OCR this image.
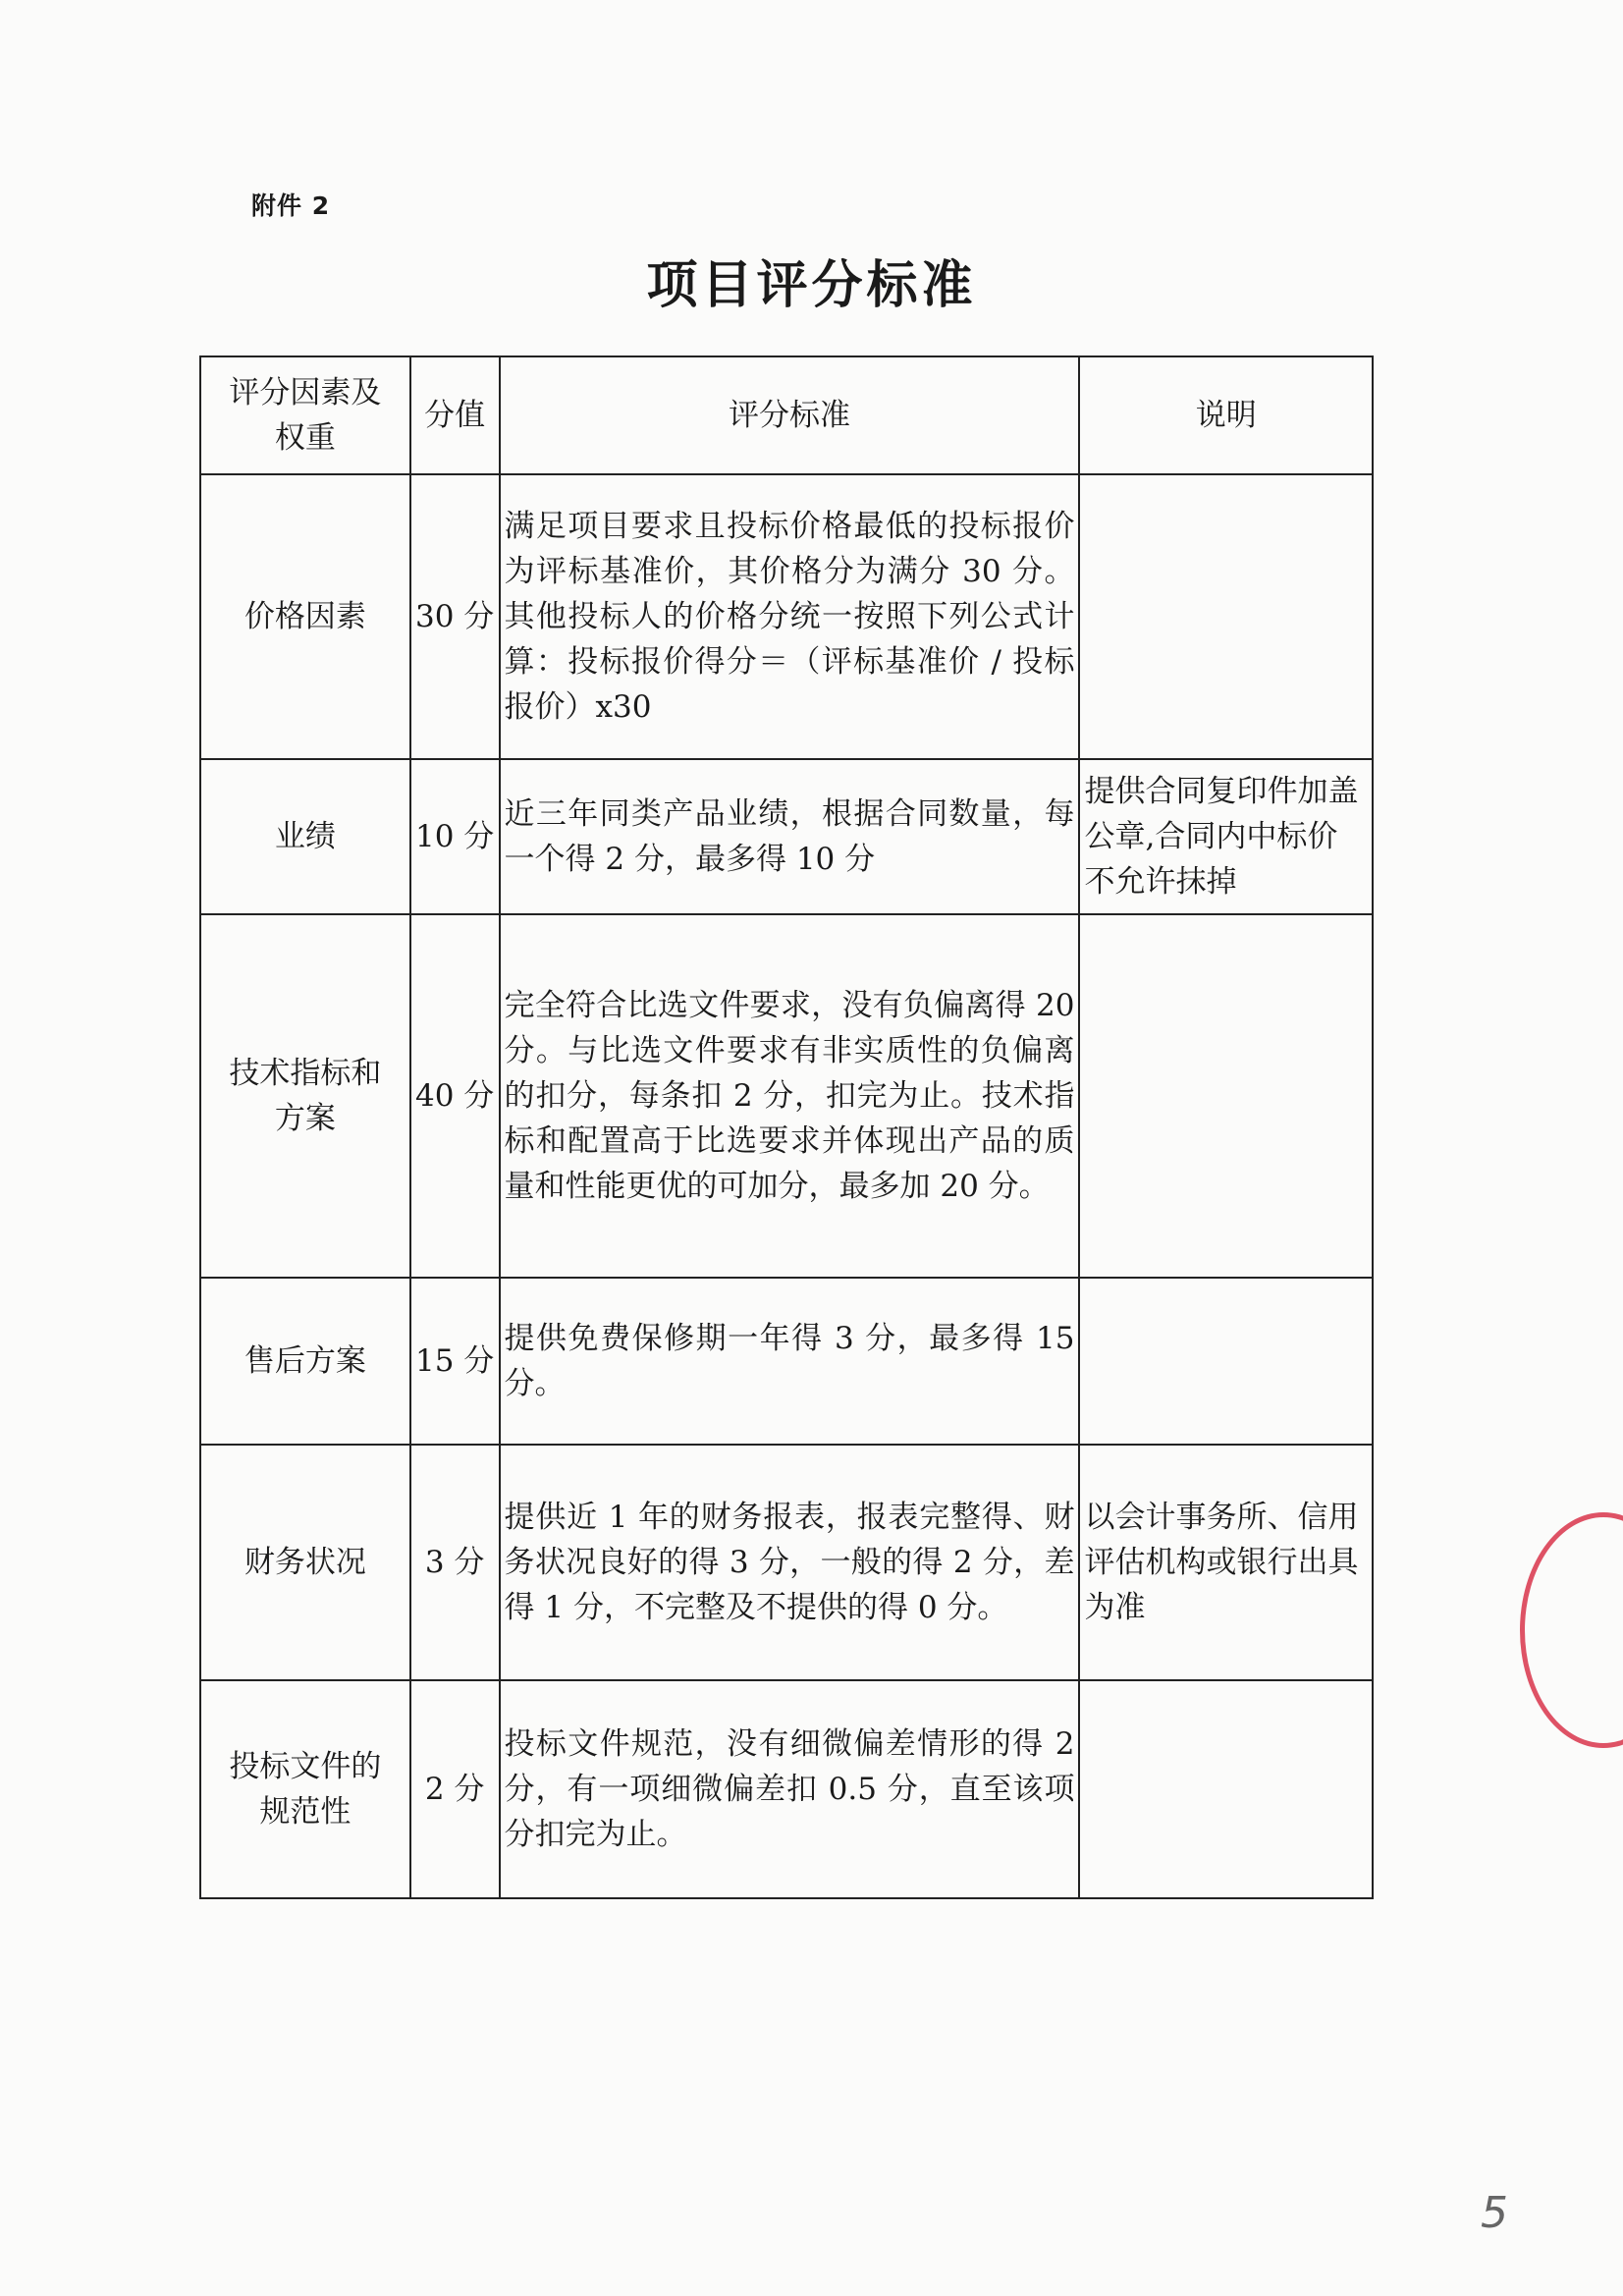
附件 2
项目评分标准
评分因素及权重	分值	评分标准	说明
价格因素	30 分	满足项目要求且投标价格最低的投标报价为评标基准价，其价格分为满分 30 分。其他投标人的价格分统一按照下列公式计算：投标报价得分＝（评标基准价 / 投标报价）x30	
业绩	10 分	近三年同类产品业绩，根据合同数量，每一个得 2 分，最多得 10 分	提供合同复印件加盖公章,合同内中标价不允许抹掉
技术指标和方案	40 分	完全符合比选文件要求，没有负偏离得 20 分。与比选文件要求有非实质性的负偏离的扣分，每条扣 2 分，扣完为止。技术指标和配置高于比选要求并体现出产品的质量和性能更优的可加分，最多加 20 分。	
售后方案	15 分	提供免费保修期一年得 3 分，最多得 15 分。	
财务状况	3 分	提供近 1 年的财务报表，报表完整得、财务状况良好的得 3 分，一般的得 2 分，差得 1 分，不完整及不提供的得 0 分。	以会计事务所、信用评估机构或银行出具为准
投标文件的规范性	2 分	投标文件规范，没有细微偏差情形的得 2 分，有一项细微偏差扣 0.5 分，直至该项分扣完为止。	
5
